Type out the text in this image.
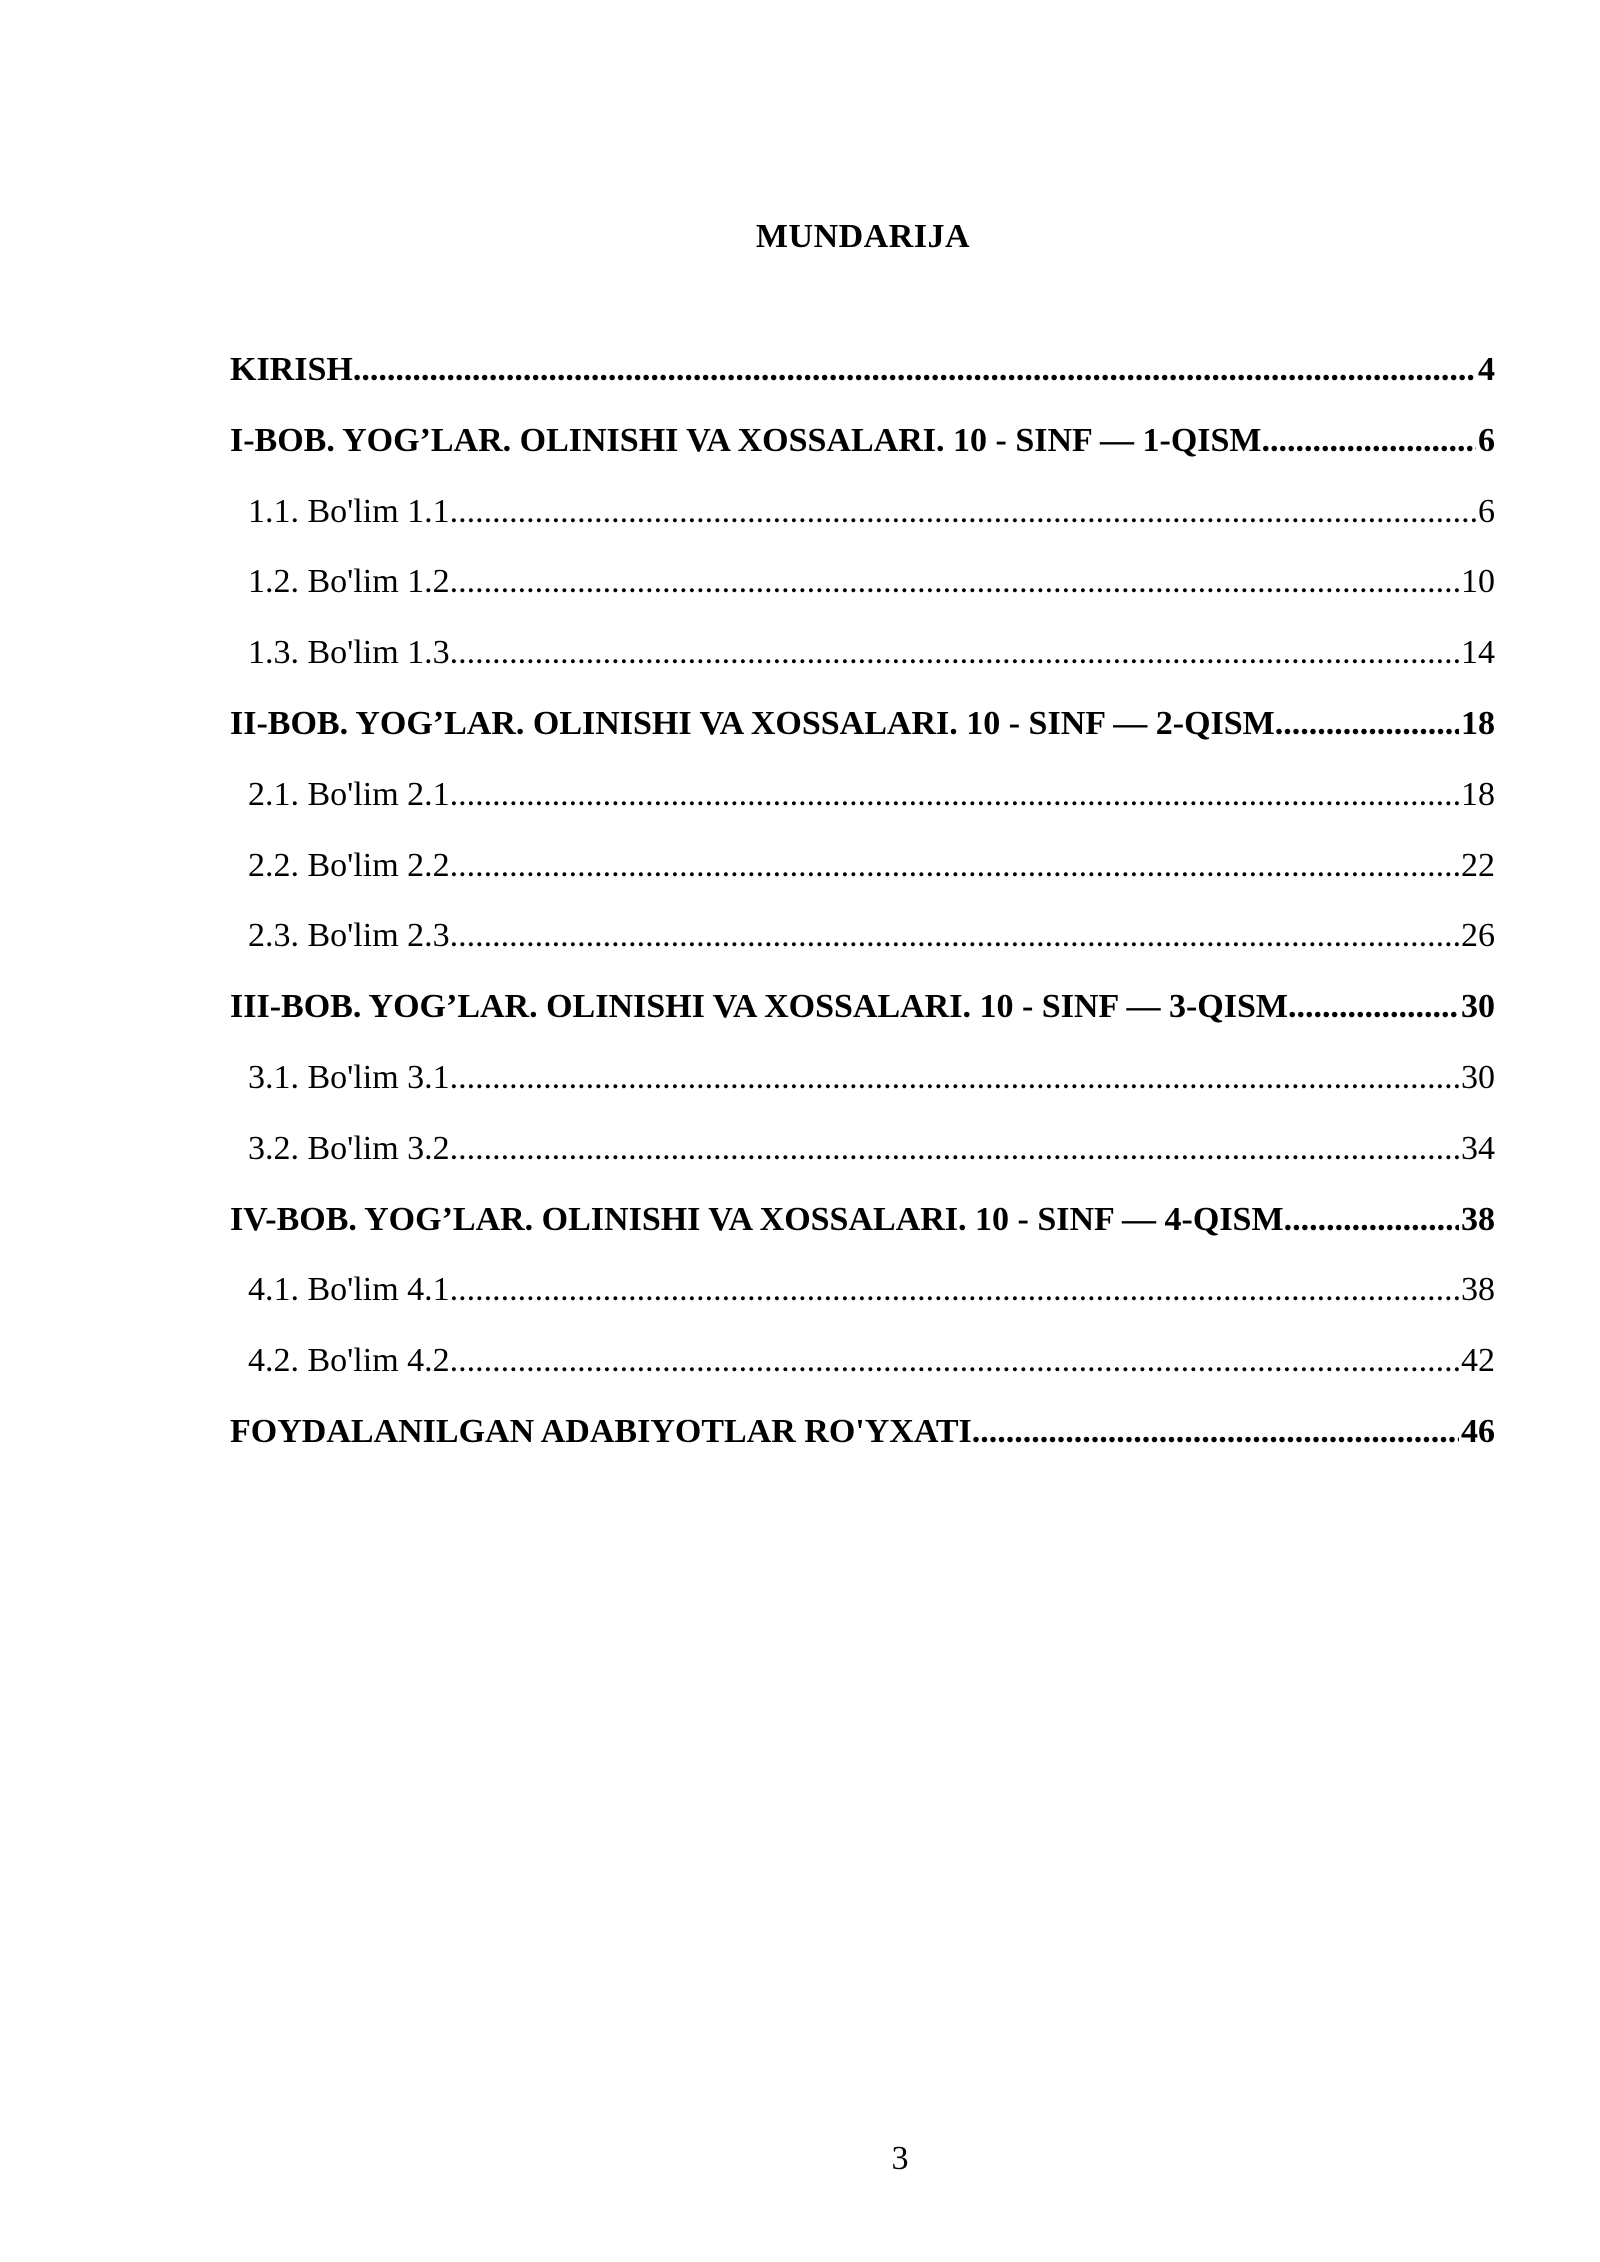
MUNDARIJA
KIRISH .....	4
I-BOB. YOG’LAR. OLINISHI VA XOSSALARI. 10 - SINF — 1-QISM .....	6
1.1. Bo'lim 1.1 .....	6
1.2. Bo'lim 1.2 .....	10
1.3. Bo'lim 1.3 .....	14
II-BOB. YOG’LAR. OLINISHI VA XOSSALARI. 10 - SINF — 2-QISM .....	18
2.1. Bo'lim 2.1 .....	18
2.2. Bo'lim 2.2 .....	22
2.3. Bo'lim 2.3 .....	26
III-BOB. YOG’LAR. OLINISHI VA XOSSALARI. 10 - SINF — 3-QISM .....	30
3.1. Bo'lim 3.1 .....	30
3.2. Bo'lim 3.2 .....	34
IV-BOB. YOG’LAR. OLINISHI VA XOSSALARI. 10 - SINF — 4-QISM .....	38
4.1. Bo'lim 4.1 .....	38
4.2. Bo'lim 4.2 .....	42
FOYDALANILGAN ADABIYOTLAR RO'YXATI .....	46
3
